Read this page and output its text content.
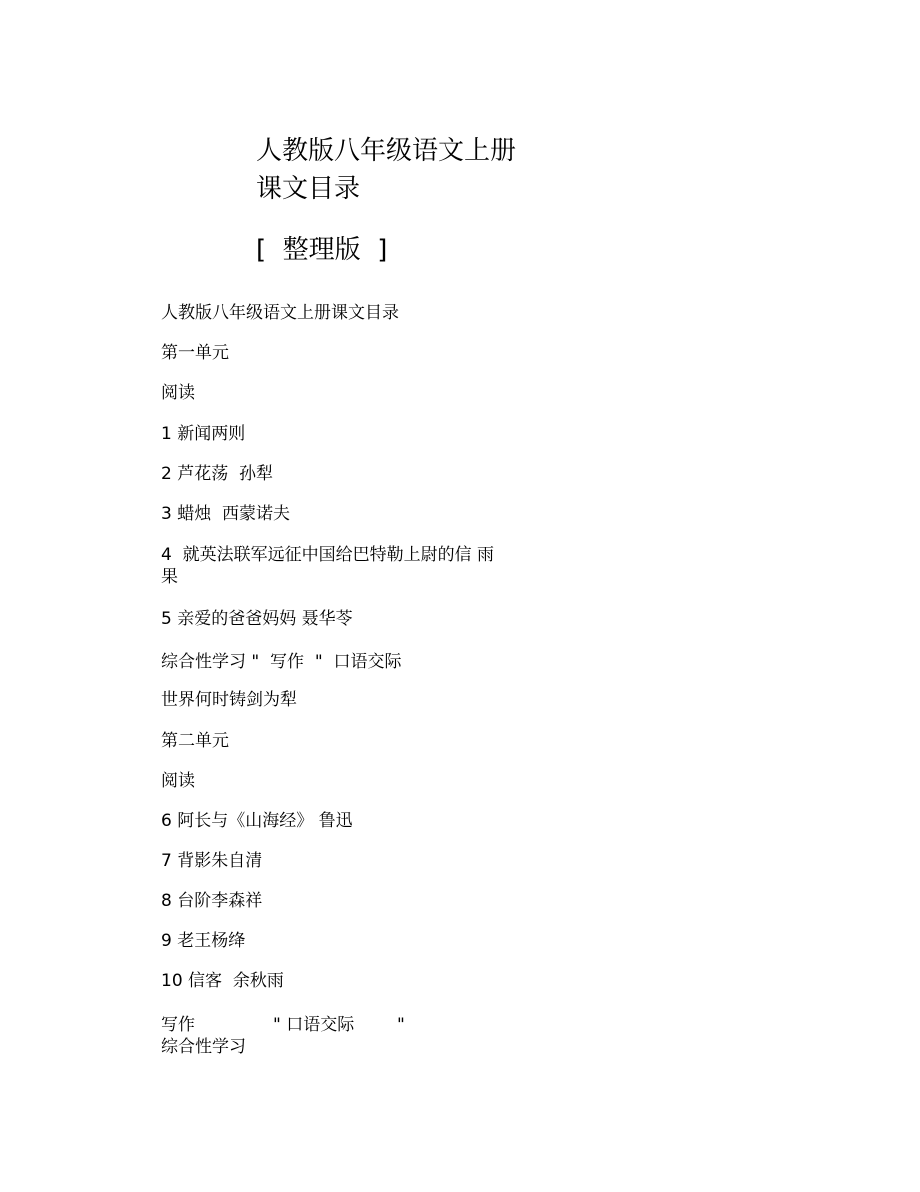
人教版八年级语文上册课文目录
[  整理版  ]
人教版八年级语文上册课文目录
第一单元
阅读
1 新闻两则
2 芦花荡  孙犁
3 蜡烛  西蒙诺夫
4  就英法联军远征中国给巴特勒上尉的信 雨果
5 亲爱的爸爸妈妈 聂华苓
综合性学习 "  写作  "  口语交际
世界何时铸剑为犁
第二单元
阅读
6 阿长与《山海经》 鲁迅
7 背影朱自清
8 台阶李森祥
9 老王杨绛
10 信客  余秋雨

写作

	" 口语交际

	"

综合性学习
